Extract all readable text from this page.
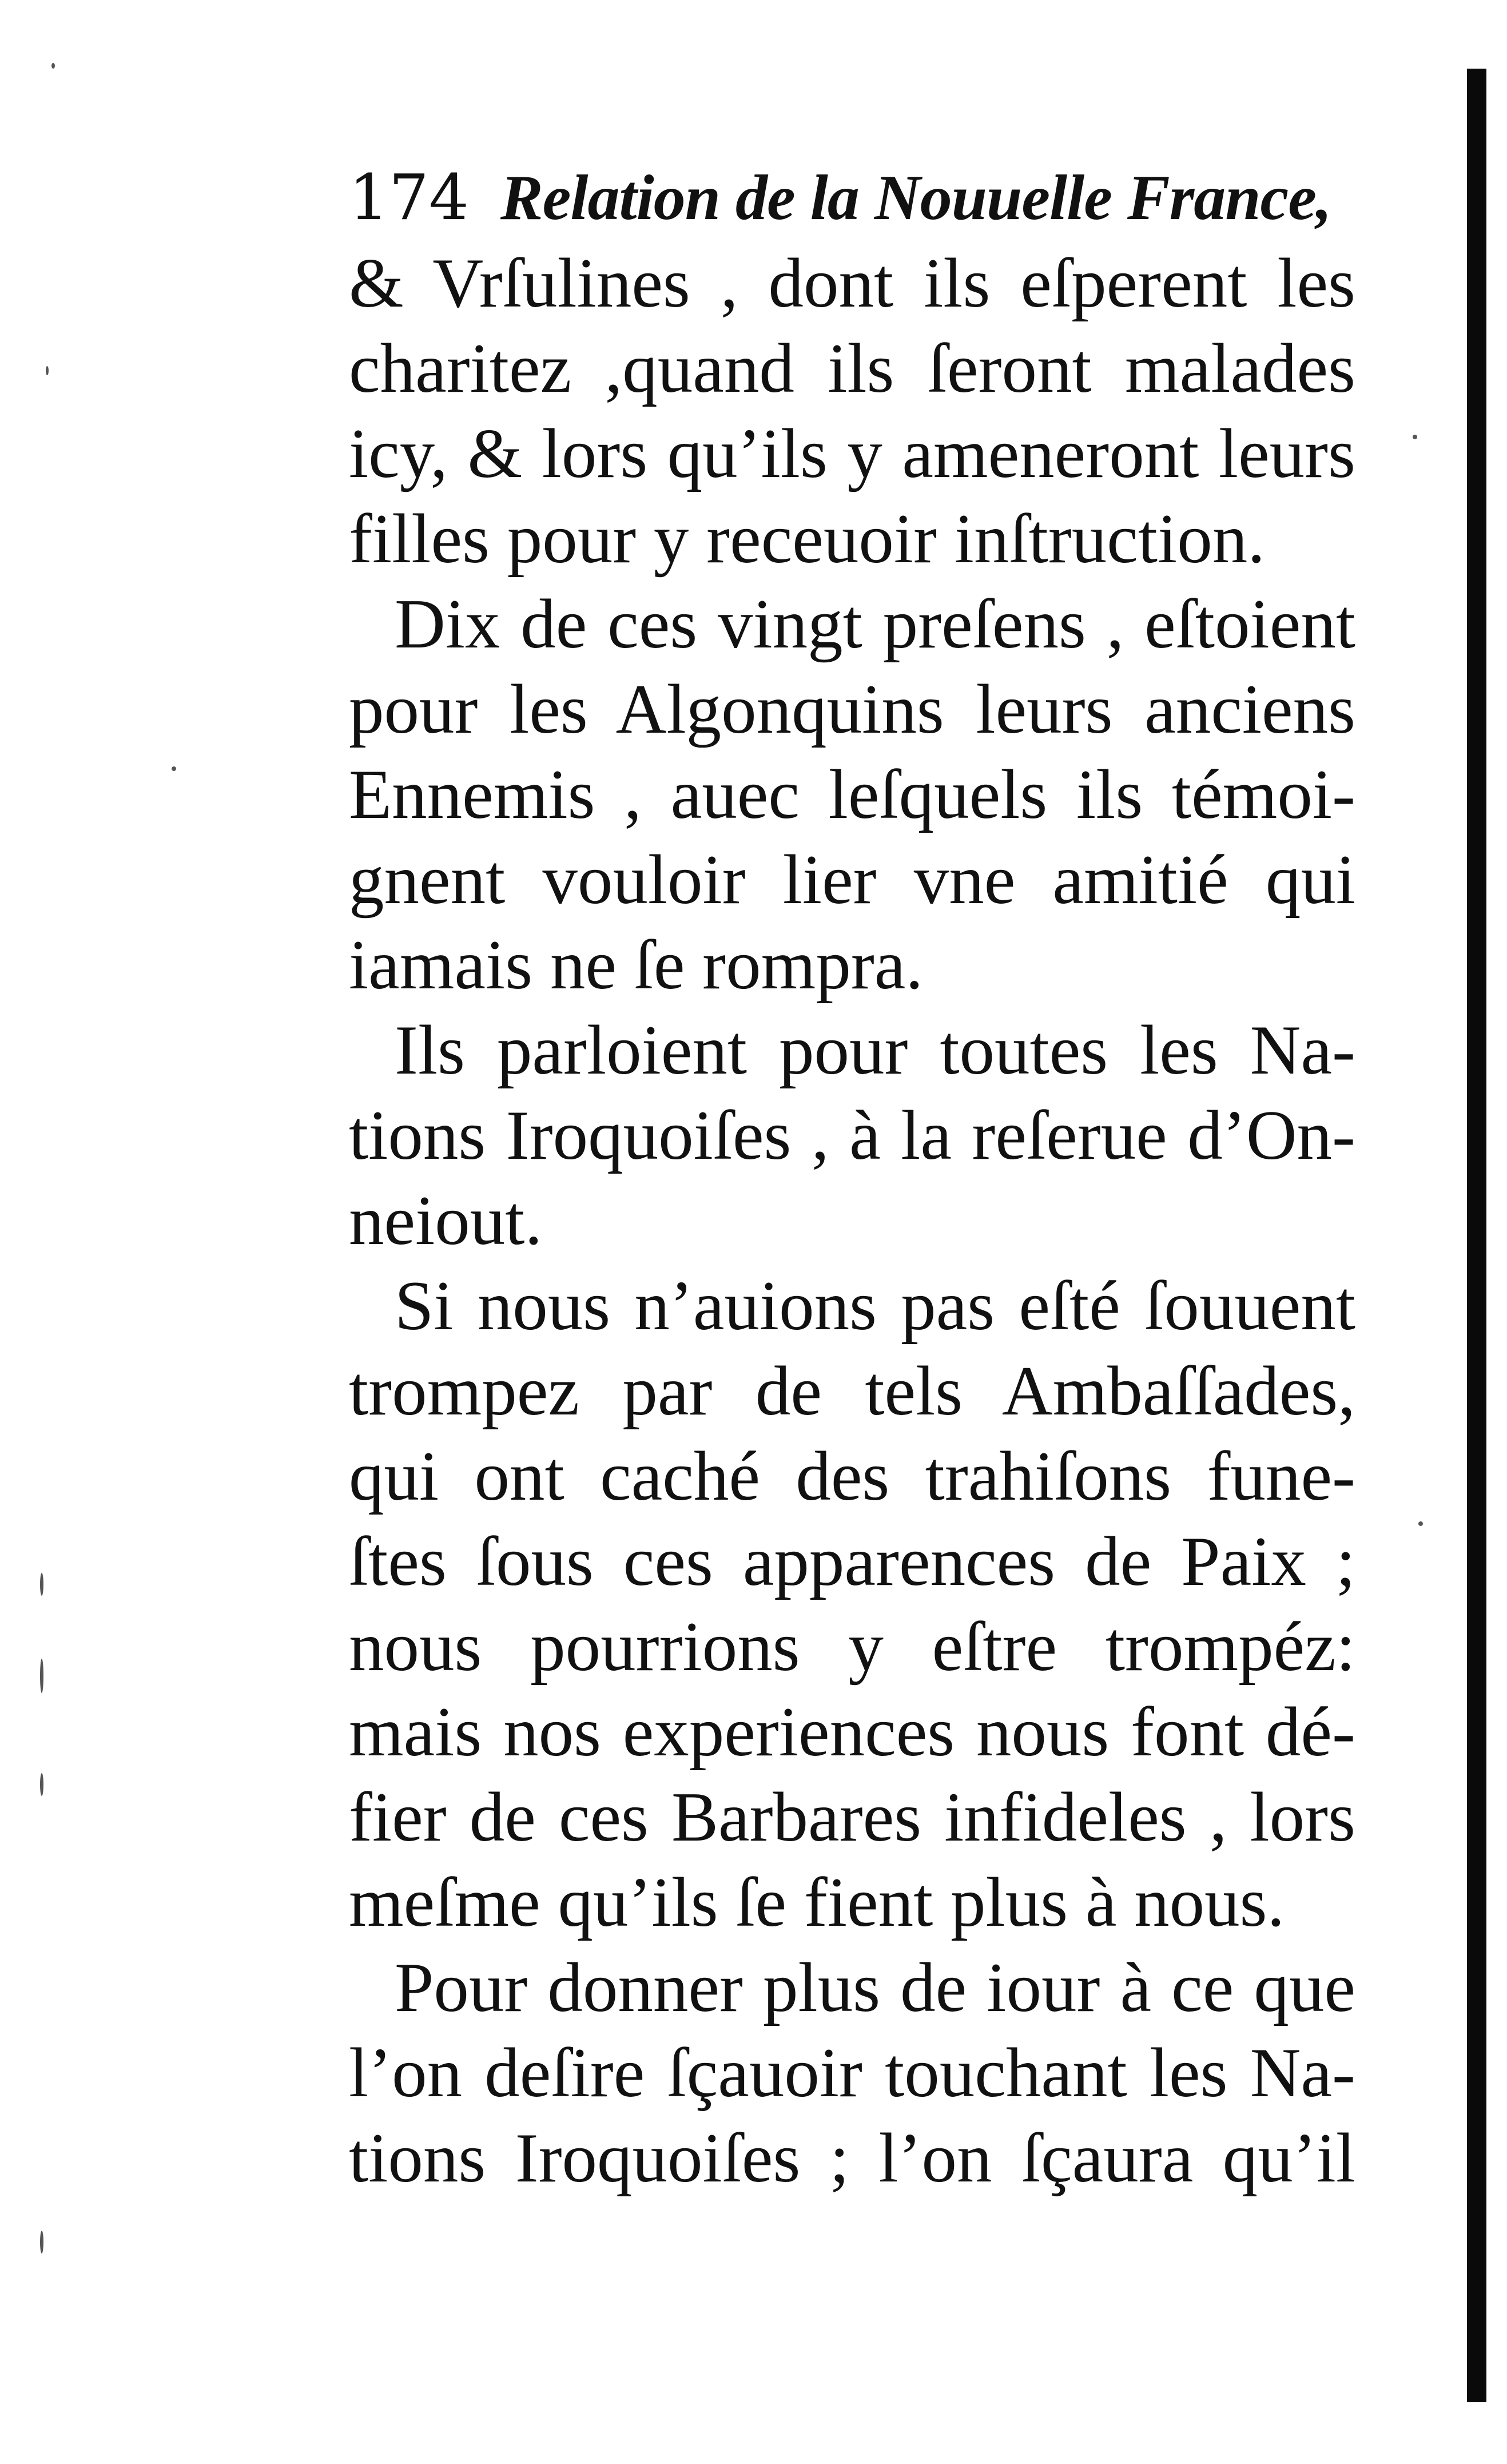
174 Relation de la Nouuelle France,
& Vrſulines , dont ils eſperent les
charitez ,quand ils ſeront malades
icy, & lors qu’ils y ameneront leurs
filles pour y receuoir inſtruction.
Dix de ces vingt preſens , eſtoient
pour les Algonquins leurs anciens
Ennemis , auec leſquels ils témoi-
gnent vouloir lier vne amitié qui
iamais ne ſe rompra.
Ils parloient pour toutes les Na-
tions Iroquoiſes , à la reſerue d’On-
neiout.
Si nous n’auions pas eſté ſouuent
trompez par de tels Ambaſſades,
qui ont caché des trahiſons fune-
ſtes ſous ces apparences de Paix ;
nous pourrions y eſtre trompéz:
mais nos experiences nous font dé-
fier de ces Barbares infideles , lors
meſme qu’ils ſe fient plus à nous.
Pour donner plus de iour à ce que
l’on deſire ſçauoir touchant les Na-
tions Iroquoiſes ; l’on ſçaura qu’il
